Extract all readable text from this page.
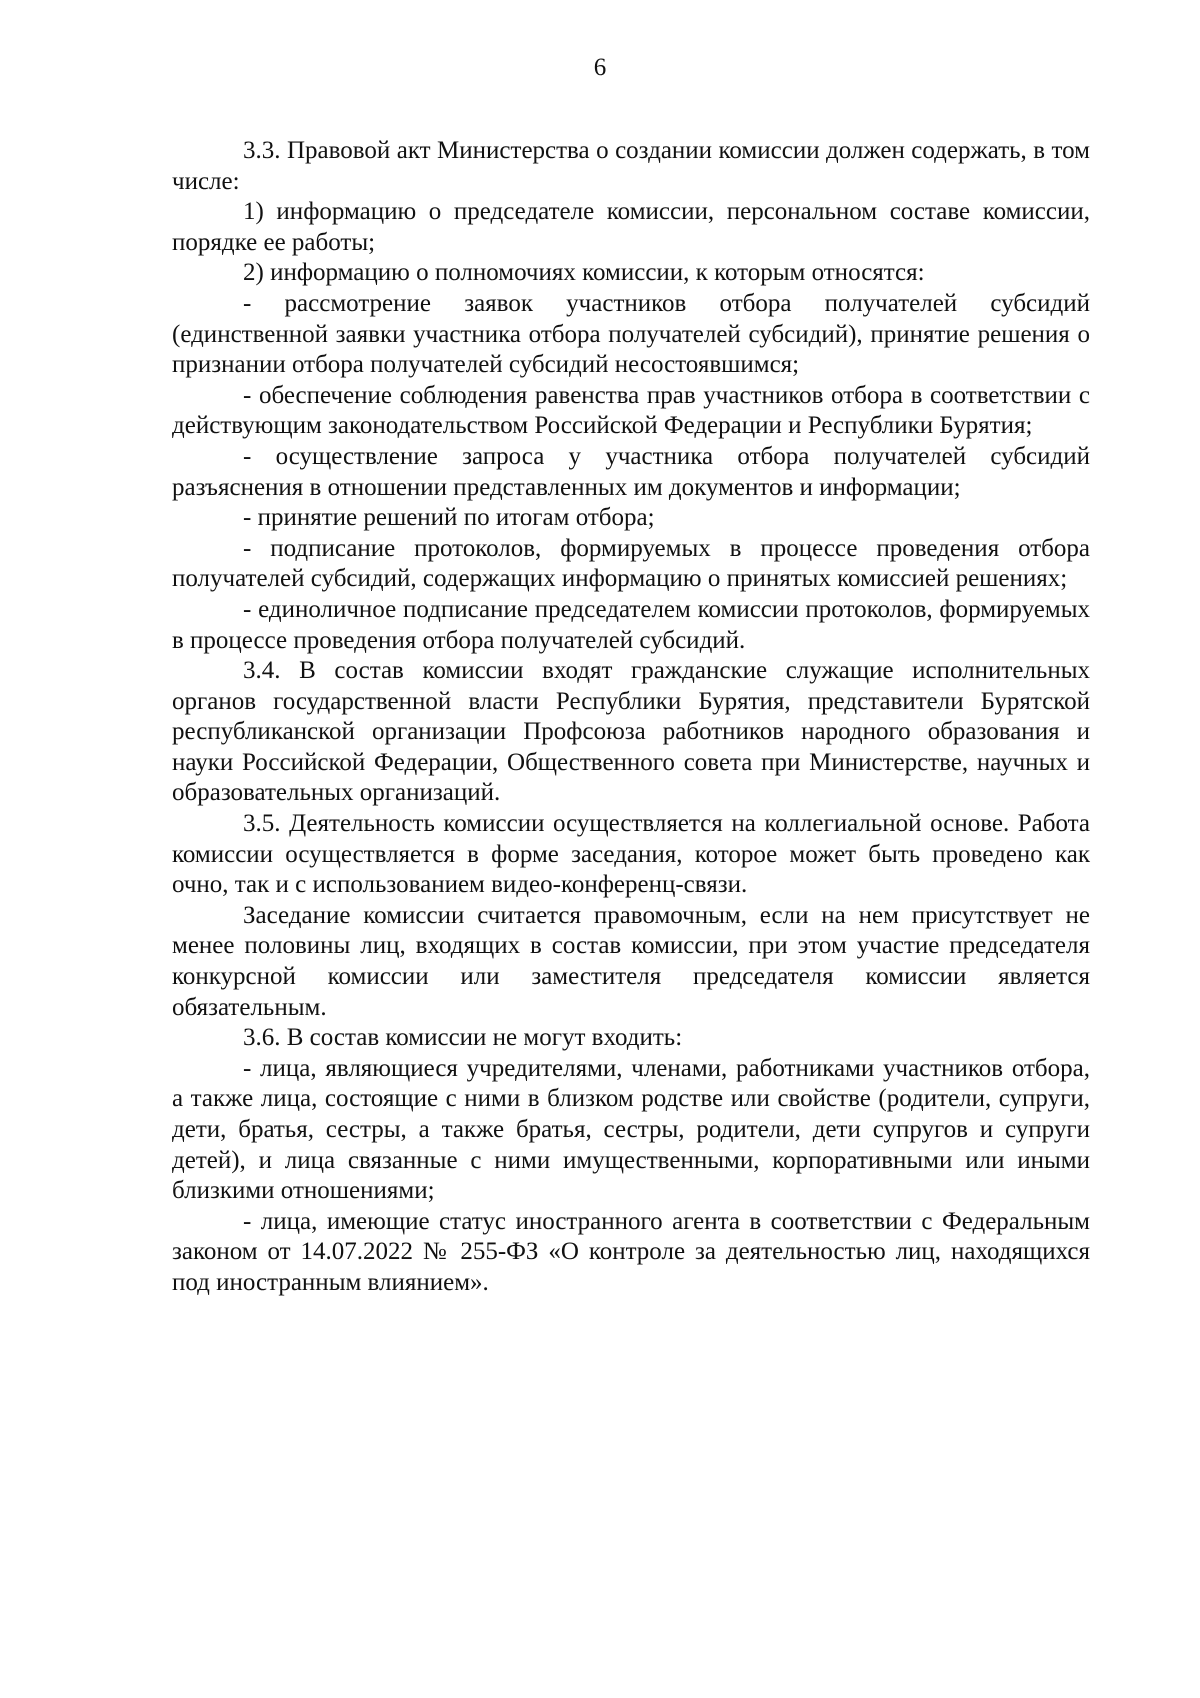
6

3.3. Правовой акт Министерства о создании комиссии должен содержать, в том числе:

1) информацию о председателе комиссии, персональном составе комиссии, порядке ее работы;

2) информацию о полномочиях комиссии, к которым относятся:

- рассмотрение заявок участников отбора получателей субсидий (единственной заявки участника отбора получателей субсидий), принятие решения о признании отбора получателей субсидий несостоявшимся;

- обеспечение соблюдения равенства прав участников отбора в соответствии с действующим законодательством Российской Федерации и Республики Бурятия;

- осуществление запроса у участника отбора получателей субсидий разъяснения в отношении представленных им документов и информации;

- принятие решений по итогам отбора;

- подписание протоколов, формируемых в процессе проведения отбора получателей субсидий, содержащих информацию о принятых комиссией решениях;

- единоличное подписание председателем комиссии протоколов, формируемых в процессе проведения отбора получателей субсидий.

3.4. В состав комиссии входят гражданские служащие исполнительных органов государственной власти Республики Бурятия, представители Бурятской республиканской организации Профсоюза работников народного образования и науки Российской Федерации, Общественного совета при Министерстве, научных и образовательных организаций.

3.5. Деятельность комиссии осуществляется на коллегиальной основе. Работа комиссии осуществляется в форме заседания, которое может быть проведено как очно, так и с использованием видео-конференц-связи.

Заседание комиссии считается правомочным, если на нем присутствует не менее половины лиц, входящих в состав комиссии, при этом участие председателя конкурсной комиссии или заместителя председателя комиссии является обязательным.

3.6. В состав комиссии не могут входить:

- лица, являющиеся учредителями, членами, работниками участников отбора, а также лица, состоящие с ними в близком родстве или свойстве (родители, супруги, дети, братья, сестры, а также братья, сестры, родители, дети супругов и супруги детей), и лица связанные с ними имущественными, корпоративными или иными близкими отношениями;

- лица, имеющие статус иностранного агента в соответствии с Федеральным законом от 14.07.2022 № 255-ФЗ «О контроле за деятельностью лиц, находящихся под иностранным влиянием».
